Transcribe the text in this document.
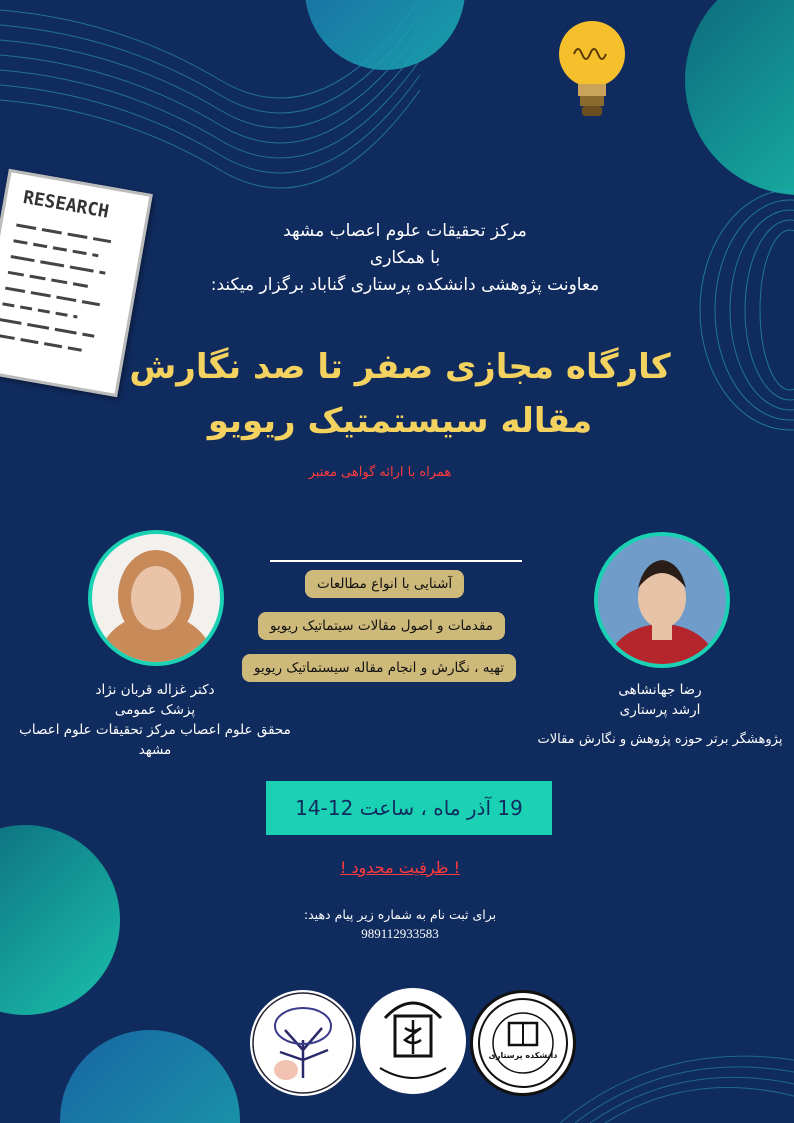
RESEARCH
مرکز تحقیقات علوم اعصاب مشهد
با همکاری
معاونت پژوهشی دانشکده پرستاری گناباد برگزار میکند:
کارگاه مجازی صفر تا صد نگارش
مقاله سیستمتیک ریویو
همراه با ارائه گواهی معتبر
آشنایی با انواع مطالعات
مقدمات و اصول مقالات سیتماتیک ریویو
تهیه ، نگارش و انجام مقاله سیستماتیک ریویو
دکتر غزاله قربان نژاد
پزشک عمومی
محقق علوم اعصاب مرکز تحقیقات علوم اعصاب
مشهد
رضا جهانشاهی
ارشد پرستاری
پژوهشگر برتر حوزه پژوهش و نگارش مقالات
19 آذر ماه ، ساعت 12-14
! ظرفیت محدود !
برای ثبت نام به شماره زیر پیام دهید:
989112933583
دانشکده پرستاری
